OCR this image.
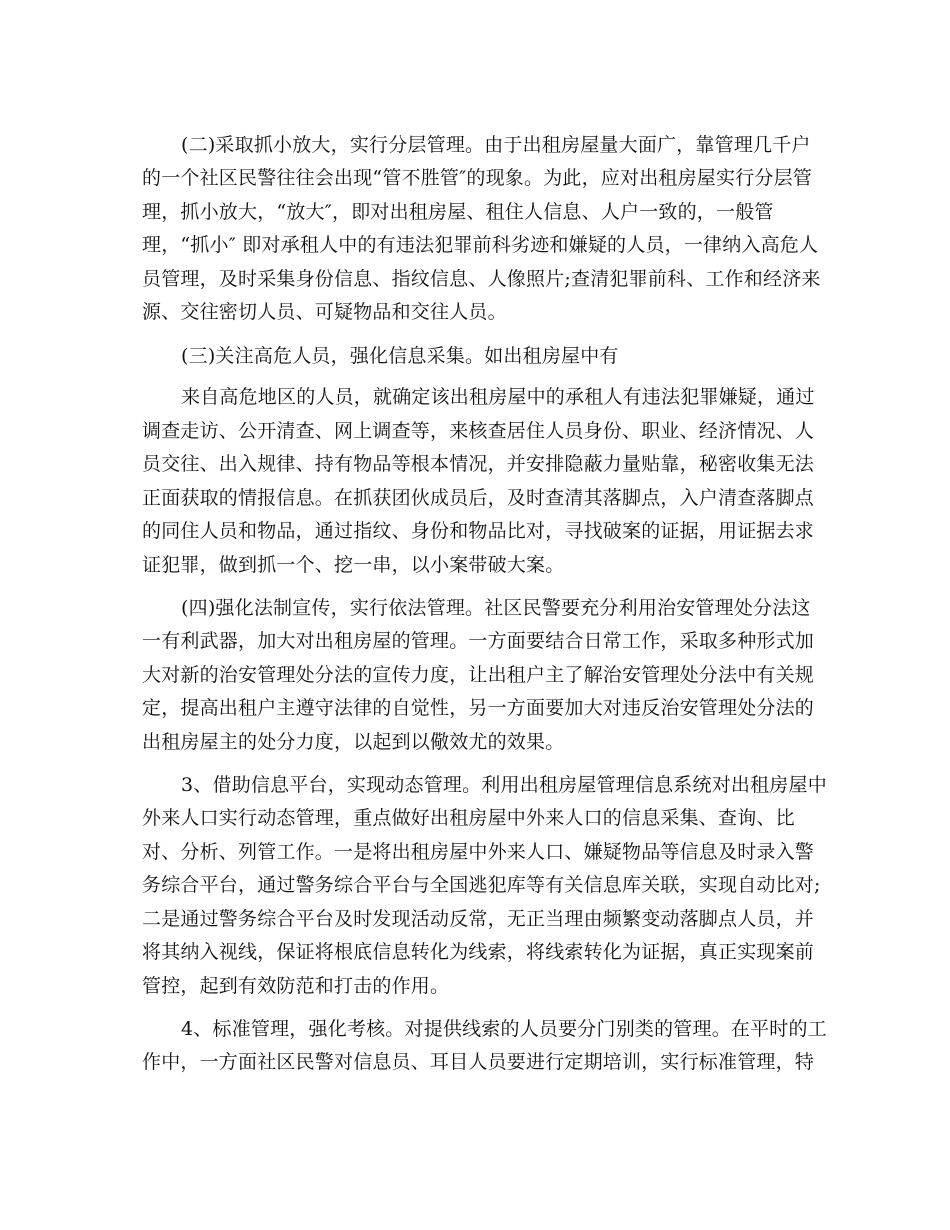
(二)采取抓小放大，实行分层管理。由于出租房屋量大面广，靠管理几千户

的一个社区民警往往会出现“管不胜管″的现象。为此，应对出租房屋实行分层管

理，抓小放大，“放大″，即对出租房屋、租住人信息、人户一致的，一般管

理，“抓小″ 即对承租人中的有违法犯罪前科劣迹和嫌疑的人员，一律纳入高危人

员管理，及时采集身份信息、指纹信息、人像照片;查清犯罪前科、工作和经济来

源、交往密切人员、可疑物品和交往人员。

(三)关注高危人员，强化信息采集。如出租房屋中有

来自高危地区的人员，就确定该出租房屋中的承租人有违法犯罪嫌疑，通过

调查走访、公开清查、网上调查等，来核查居住人员身份、职业、经济情况、人

员交往、出入规律、持有物品等根本情况，并安排隐蔽力量贴靠，秘密收集无法

正面获取的情报信息。在抓获团伙成员后，及时查清其落脚点，入户清查落脚点

的同住人员和物品，通过指纹、身份和物品比对，寻找破案的证据，用证据去求

证犯罪，做到抓一个、挖一串，以小案带破大案。

(四)强化法制宣传，实行依法管理。社区民警要充分利用治安管理处分法这

一有利武器，加大对出租房屋的管理。一方面要结合日常工作，采取多种形式加

大对新的治安管理处分法的宣传力度，让出租户主了解治安管理处分法中有关规

定，提高出租户主遵守法律的自觉性，另一方面要加大对违反治安管理处分法的

出租房屋主的处分力度，以起到以儆效尤的效果。

3、借助信息平台，实现动态管理。利用出租房屋管理信息系统对出租房屋中

外来人口实行动态管理，重点做好出租房屋中外来人口的信息采集、查询、比

对、分析、列管工作。一是将出租房屋中外来人口、嫌疑物品等信息及时录入警

务综合平台，通过警务综合平台与全国逃犯库等有关信息库关联，实现自动比对;

二是通过警务综合平台及时发现活动反常，无正当理由频繁变动落脚点人员，并

将其纳入视线，保证将根底信息转化为线索，将线索转化为证据，真正实现案前

管控，起到有效防范和打击的作用。

4、标准管理，强化考核。对提供线索的人员要分门别类的管理。在平时的工

作中，一方面社区民警对信息员、耳目人员要进行定期培训，实行标准管理，特
